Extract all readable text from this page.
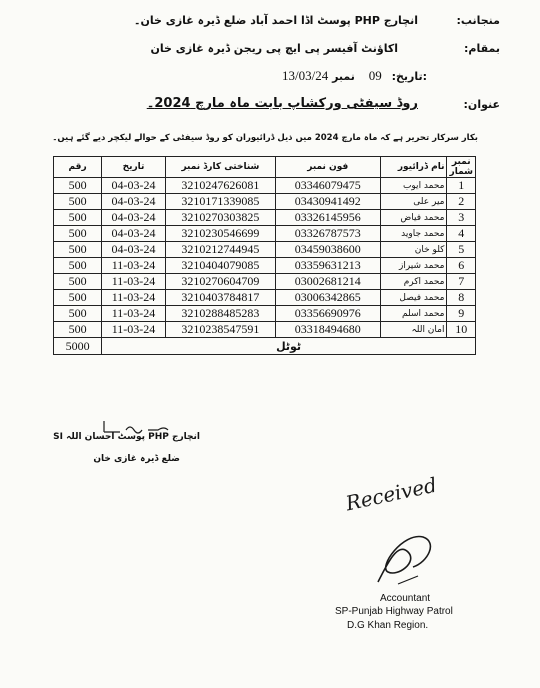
منجانب:
انچارج PHP پوسٹ اڈا احمد آباد ضلع ڈیرہ غازی خان۔
بمقام:
اکاؤنٹ آفیسر پی ایچ پی ریجن ڈیرہ غازی خان
13/03/24	تاریخ: 09 نمبر:
عنوان:
روڈ سیفٹی ورکشاپ بابت ماہ مارچ 2024۔
بکار سرکار تحریر ہے کہ ماہ مارچ 2024 میں ذیل ڈرائیوران کو روڈ سیفٹی کے حوالے لیکچر دیے گئے ہیں۔
رقم	تاریخ	شناختی کارڈ نمبر	فون نمبر	نام ڈرائیور	نمبر شمار
500	04-03-24	3210247626081	03346079475	محمد ایوب	1
500	04-03-24	3210171339085	03430941492	میر علی	2
500	04-03-24	3210270303825	03326145956	محمد فیاض	3
500	04-03-24	3210230546699	03326787573	محمد جاوید	4
500	04-03-24	3210212744945	03459038600	کلو خان	5
500	11-03-24	3210404079085	03359631213	محمد شیراز	6
500	11-03-24	3210270604709	03002681214	محمد اکرم	7
500	11-03-24	3210403784817	03006342865	محمد فیصل	8
500	11-03-24	3210288485283	03356690976	محمد اسلم	9
500	11-03-24	3210238547591	03318494680	امان اللہ	10
5000	ٹوٹل				
انچارج PHP پوسٹ احسان اللہ SI
ضلع ڈیرہ غازی خان
Received
Accountant
SP-Punjab Highway Patrol
D.G Khan Region.
